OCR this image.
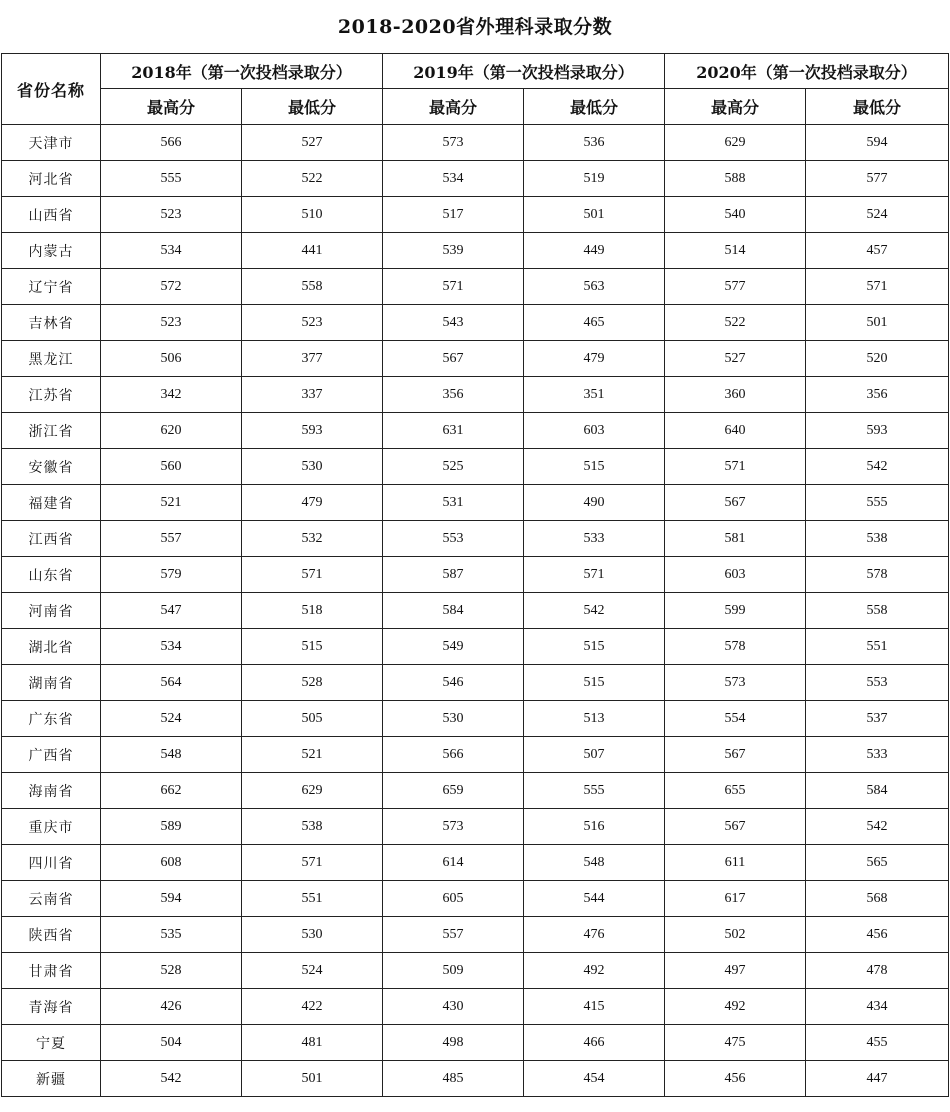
2018-2020省外理科录取分数
省份名称	2018年（第一次投档录取分）		2019年（第一次投档录取分）		2020年（第一次投档录取分）	
	最高分	最低分	最高分	最低分	最高分	最低分
天津市	566	527	573	536	629	594
河北省	555	522	534	519	588	577
山西省	523	510	517	501	540	524
内蒙古	534	441	539	449	514	457
辽宁省	572	558	571	563	577	571
吉林省	523	523	543	465	522	501
黑龙江	506	377	567	479	527	520
江苏省	342	337	356	351	360	356
浙江省	620	593	631	603	640	593
安徽省	560	530	525	515	571	542
福建省	521	479	531	490	567	555
江西省	557	532	553	533	581	538
山东省	579	571	587	571	603	578
河南省	547	518	584	542	599	558
湖北省	534	515	549	515	578	551
湖南省	564	528	546	515	573	553
广东省	524	505	530	513	554	537
广西省	548	521	566	507	567	533
海南省	662	629	659	555	655	584
重庆市	589	538	573	516	567	542
四川省	608	571	614	548	611	565
云南省	594	551	605	544	617	568
陕西省	535	530	557	476	502	456
甘肃省	528	524	509	492	497	478
青海省	426	422	430	415	492	434
宁夏	504	481	498	466	475	455
新疆	542	501	485	454	456	447
